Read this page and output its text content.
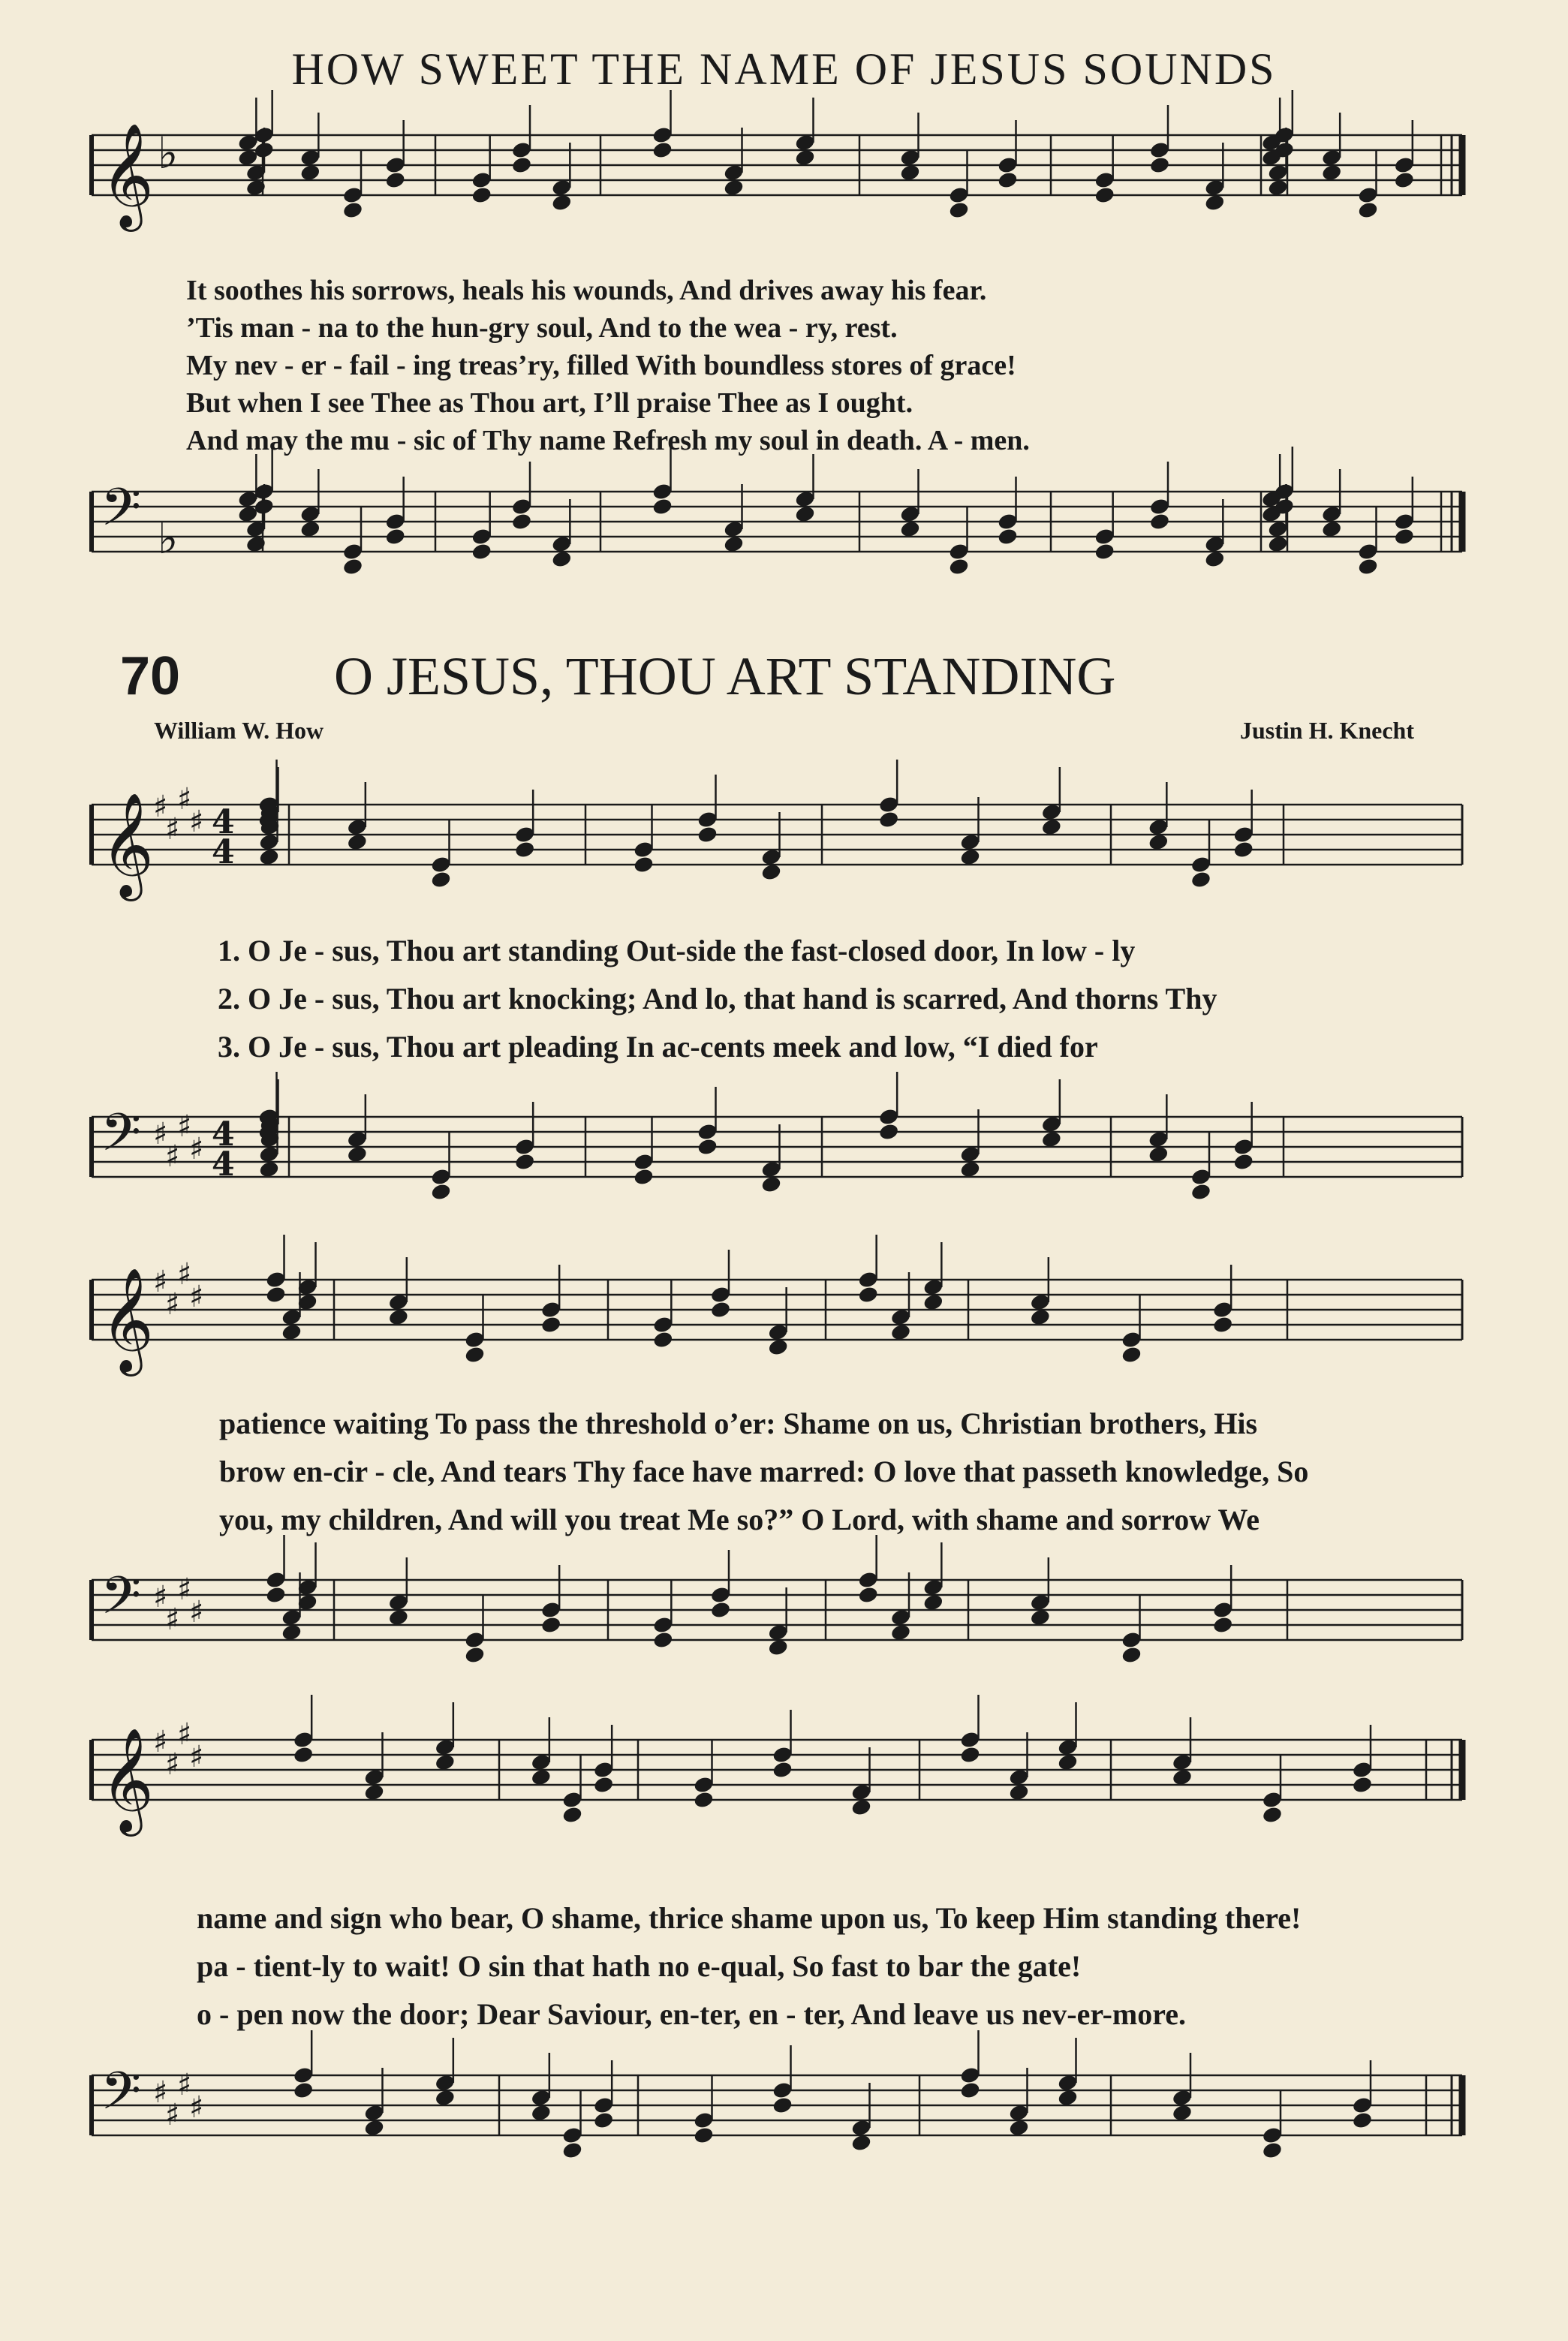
HOW SWEET THE NAME OF JESUS SOUNDS
𝄞 ♭
𝄢 ♭
It soothes his sorrows, heals his wounds, And drives away his fear.
’Tis man - na to the hun-gry soul, And to the wea - ry, rest.
My nev - er - fail - ing treas’ry, filled With boundless stores of grace!
But when I see Thee as Thou art, I’ll praise Thee as I ought.
And may the mu - sic of Thy name Refresh my soul in death. A - men.
70	O JESUS, THOU ART STANDING
William W. How	Justin H. Knecht
𝄞 ♯
♯
♯
♯ 4
4
𝄢 ♯
♯
♯
♯ 4
4
1. O Je - sus, Thou art standing Out-side the fast-closed door, In low - ly
2. O Je - sus, Thou art knocking; And lo, that hand is scarred, And thorns Thy
3. O Je - sus, Thou art pleading In ac-cents meek and low, “I died for
𝄞 ♯
♯
♯
♯
𝄢 ♯
♯
♯
♯
patience waiting To pass the threshold o’er: Shame on us, Christian brothers, His
brow en-cir - cle, And tears Thy face have marred: O love that passeth knowledge, So
you, my children, And will you treat Me so?” O Lord, with shame and sorrow We
𝄞 ♯
♯
♯
♯
𝄢 ♯
♯
♯
♯
name and sign who bear, O shame, thrice shame upon us, To keep Him standing there!
pa - tient-ly to wait! O sin that hath no e-qual, So fast to bar the gate!
o - pen now the door; Dear Saviour, en-ter, en - ter, And leave us nev-er-more.
